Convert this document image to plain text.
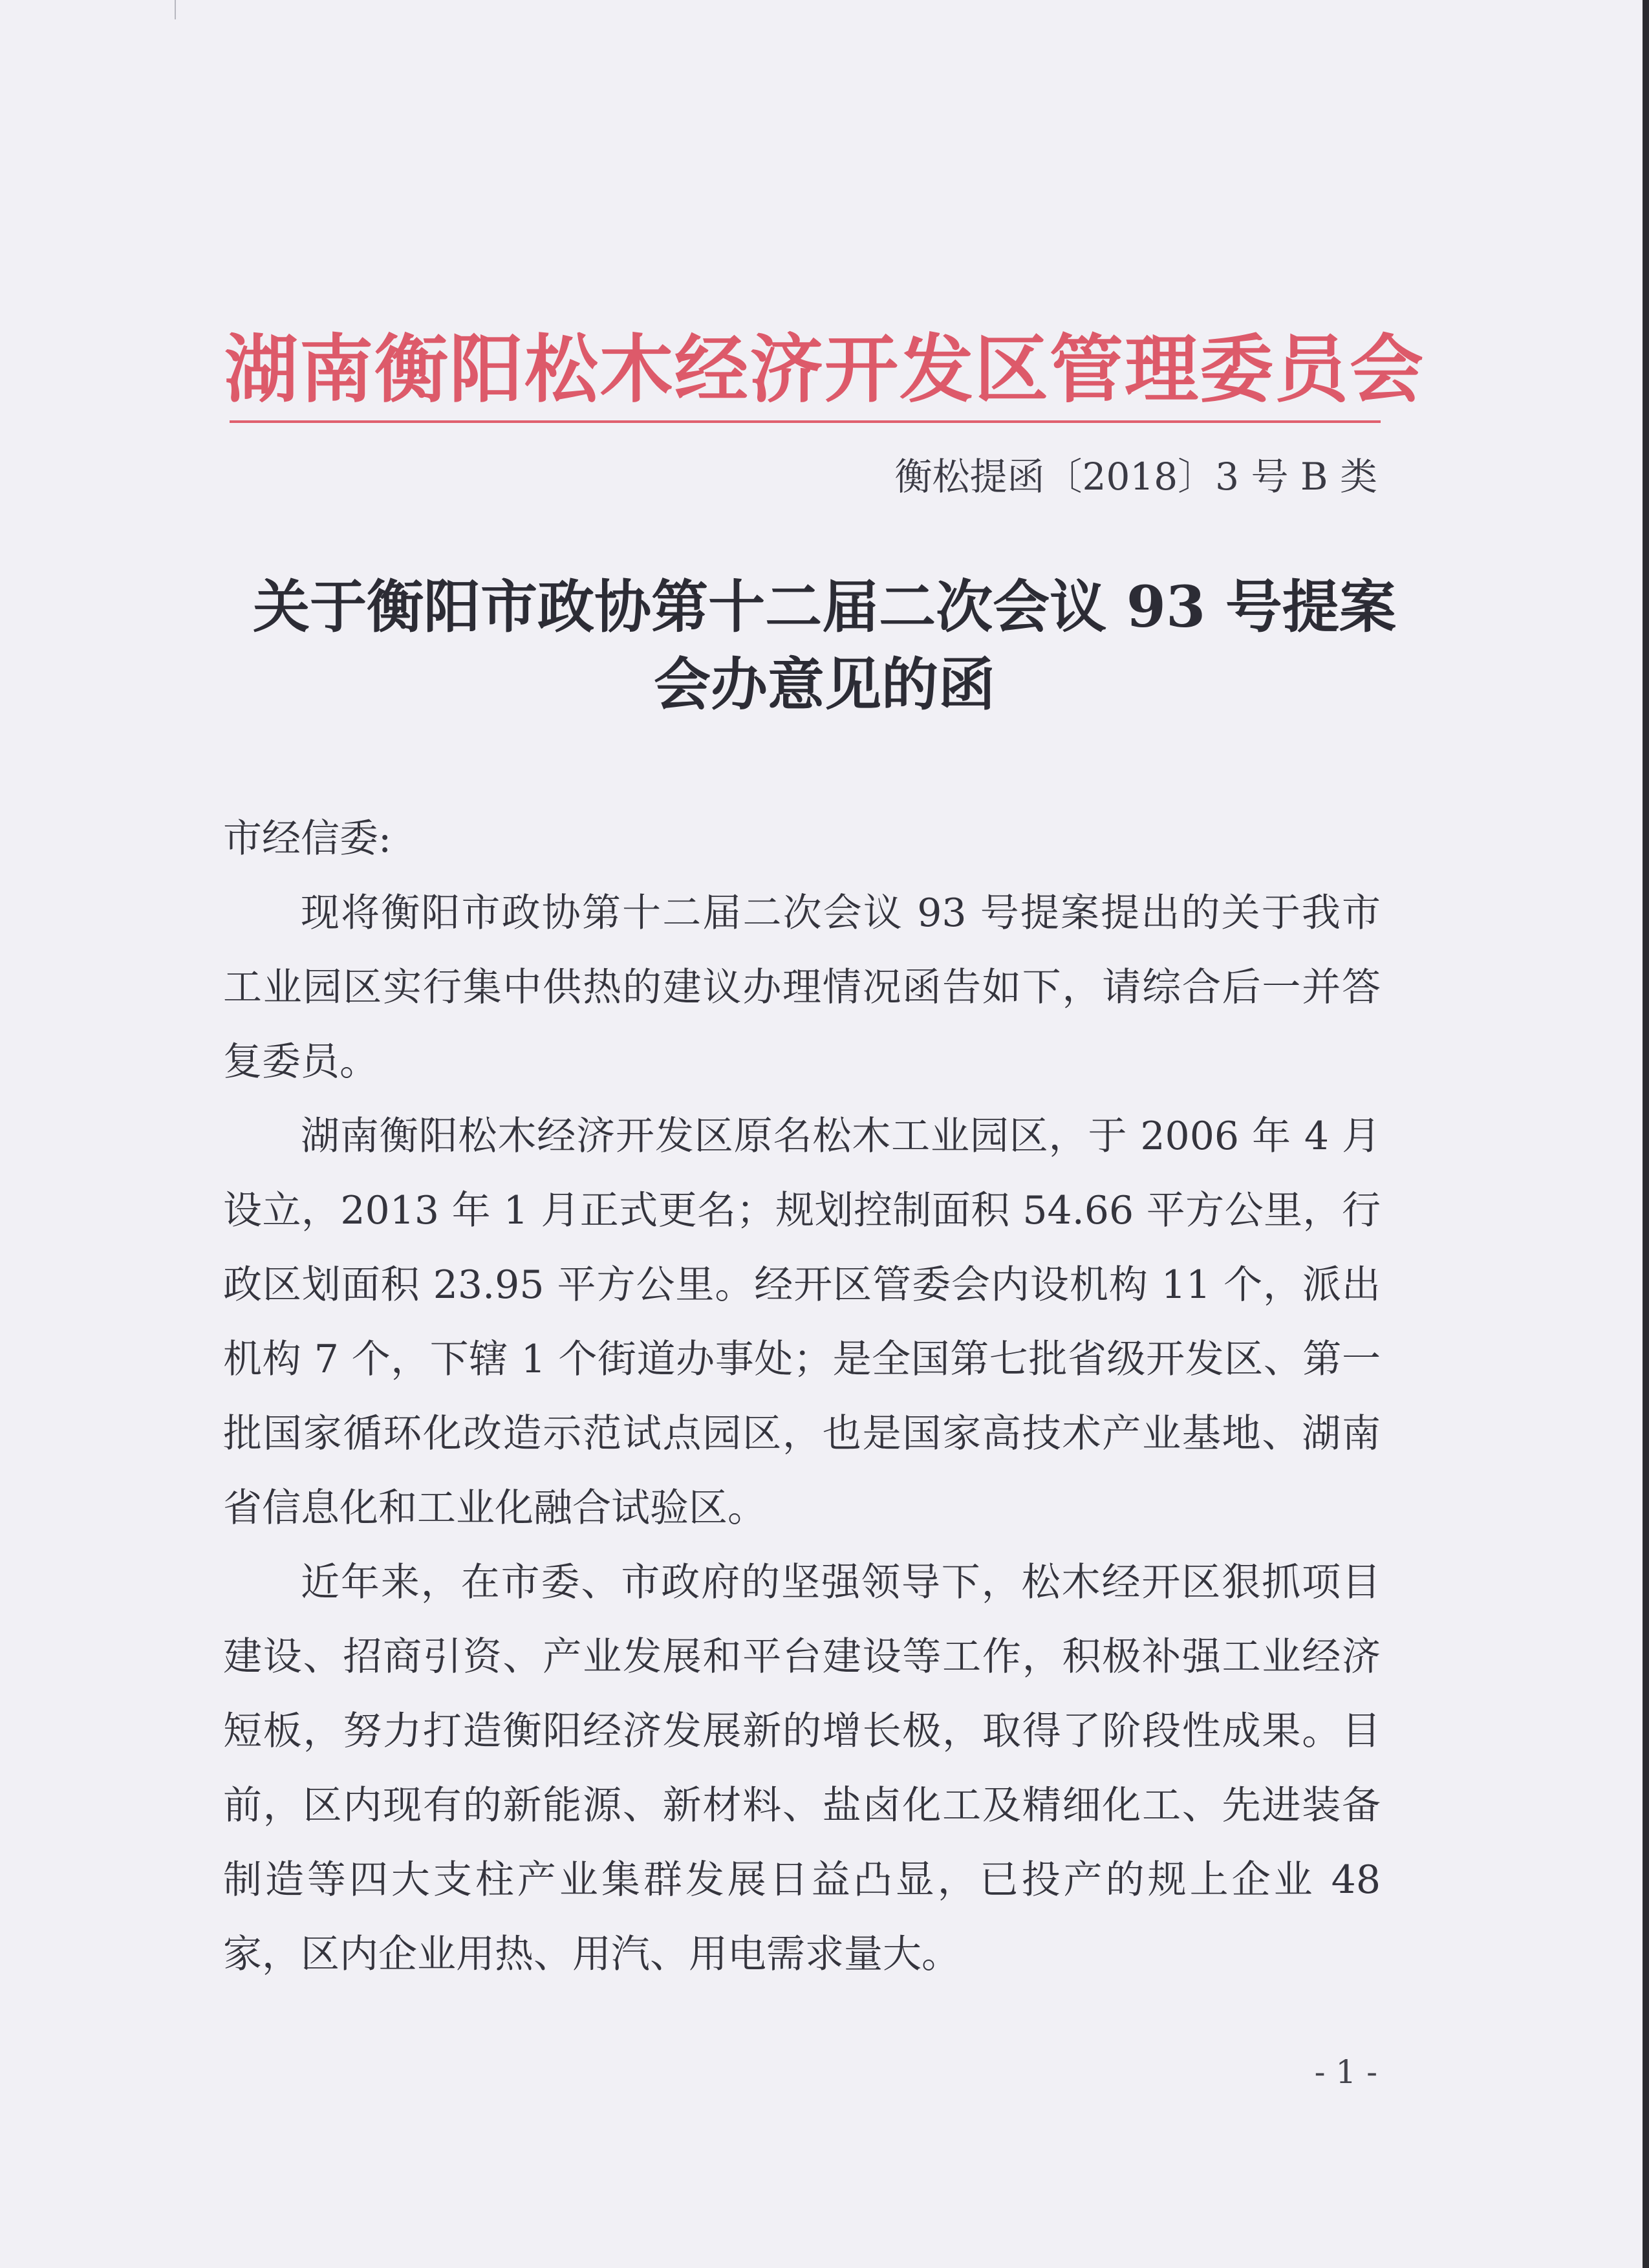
湖南衡阳松木经济开发区管理委员会
衡松提函〔2018〕3 号 B 类
关于衡阳市政协第十二届二次会议 93 号提案
会办意见的函

市经信委:

现将衡阳市政协第十二届二次会议 93 号提案提出的关于我市工业园区实行集中供热的建议办理情况函告如下，请综合后一并答复委员。

湖南衡阳松木经济开发区原名松木工业园区，于 2006 年 4 月设立，2013 年 1 月正式更名；规划控制面积 54.66 平方公里，行政区划面积 23.95 平方公里。经开区管委会内设机构 11 个，派出机构 7 个，下辖 1 个街道办事处；是全国第七批省级开发区、第一批国家循环化改造示范试点园区，也是国家高技术产业基地、湖南省信息化和工业化融合试验区。

近年来，在市委、市政府的坚强领导下，松木经开区狠抓项目建设、招商引资、产业发展和平台建设等工作，积极补强工业经济短板，努力打造衡阳经济发展新的增长极，取得了阶段性成果。目前，区内现有的新能源、新材料、盐卤化工及精细化工、先进装备制造等四大支柱产业集群发展日益凸显，已投产的规上企业 48 家，区内企业用热、用汽、用电需求量大。

- 1 -
